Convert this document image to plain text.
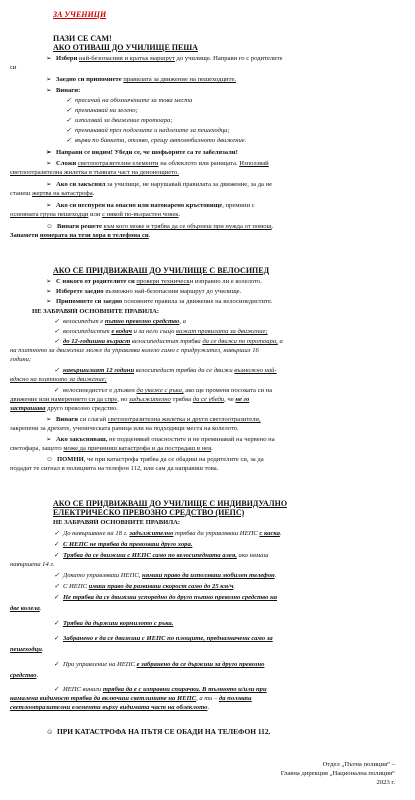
ЗА УЧЕНИЦИ
ПАЗИ СЕ САМ!
АКО ОТИВАШ ДО УЧИЛИЩЕ ПЕША
➢ Избери най-безопасния и кратък маршрут до училище. Направи го с родителите
си
➢ Заедно си припомнете правилата за движение на пешеходците.
➢ Винаги:
✓ пресичай на обозначените за това места
✓ преминавай на зелено;
✓ използвай за движение тротоара;
✓ преминавай през подлезите и надлезите за пешеходци;
✓ върви по банкета, отляво, срещу автомобилното движение.
➢ Направи се видим! Убеди се, че шофьорите са те забелязали!
➢ Сложи светлоотразителни елементи на облеклото или раницата. Използвай
светлоотразителна жилетка в тъмната част на денонощието.
➢ Ако си закъснял за училище, не нарушавай правилата за движение, за да не
станеш жертва на катастрофа.
➢ Ако си неспурен на опасно или натоварено кръстовище, премини с
основната група пешеходци или с някой по-възрастен човек.
☺ Винаги решете към кого може и трябва да се обърнеш при нужда от помощ.
Запамети номерата на тези хора в телефона си.
АКО СЕ ПРИДВИЖВАШ ДО УЧИЛИЩЕ С ВЕЛОСИПЕД
➢ С някого от родителите си провери технически изправно ли е колелото.
➢ Изберете заедно възможно най-безопасния маршрут до училище.
➢ Припомнете си заедно основните правила за движение на велосипедистите.
НЕ ЗАБРАВЯЙ ОСНОВНИТЕ ПРАВИЛА:
✓ велосипедът е пътно превозно средство, а
✓ велосипедистът е водач и за него също важат правилата за движение;
✓ до 12-годишна възраст велосипедистът трябва да се движи по тротоара, а
на платното за движение може да управлява колело само с придружител, навършил 16
години;
✓ навършилият 12 години велосипедист трябва да се движи възможно най-
вдясно на платното за движение;
✓ велосипедистът е длъжен да укаже с ръка, ако ще променя посоката си на
движение или намерението си да спре, но задължително трябва да се убеди, че не го
застрашава друго превозно средство.
➢ Винаги си слагай светлоотразителна жилетка и други светлоотразители,
закрепени за дрехите, ученическата раница или на подходящи места на колелото.
➢ Ако закъсняваш, не подценявай опасностите и не преминавай на червено на
светофара, защото може да причиниш катастрофа и да пострадаш в нея.
☺ ПОМНИ, че при катастрофа трябва да се обадиш на родителите си, за да
подадат те сигнал в полицията на телефон 112, или сам да направиш това.
АКО СЕ ПРИДВИЖВАШ ДО УЧИЛИЩЕ С ИНДИВИДУАЛНО
ЕЛЕКТРИЧЕСКО ПРЕВОЗНО СРЕДСТВО (ИЕПС)
НЕ ЗАБРАВЯЙ ОСНОВНИТЕ ПРАВИЛА:
✓ До навършване на 18 г. задължително трябва да управляваш ИЕПС с каска.
✓ С ИЕПС не трябва да превозваш друго хора.
✓ Трябва да се движиш с ИЕПС само по велосипедната алея, ако нямаш
навършени 14 г.
✓ Докато управляваш ИЕПС, нямаш право да използваш мобилен телефон.
✓ С ИЕПС имаш право да развиваш скорост само до 25 км/ч.
✓ Не трябва да се движиш успоредно до друго пътно превозно средство на
две колела.
✓ Трябва да държиш кормилото с ръка.
✓ Забранено е да се движиш с ИЕПС по площите, предназначени само за
пешеходци.
✓ При управление на ИЕПС е забранено да се държиш за друго превозно
средство.
✓ ИЕПС винаги трябва да е с изправни спирачки. В тъмното и/или при
намалена видимост трябва да включиш светлините на ИЕПС, а ти – да ползваш
светлоотразителни елементи върху видимата част на облеклото.
☺ ПРИ КАТАСТРОФА НА ПЪТЯ СЕ ОБАДИ НА ТЕЛЕФОН 112.
Отдел „Пътна полиция“ –
Главна дирекция „Национална полиция“
2023 г.
